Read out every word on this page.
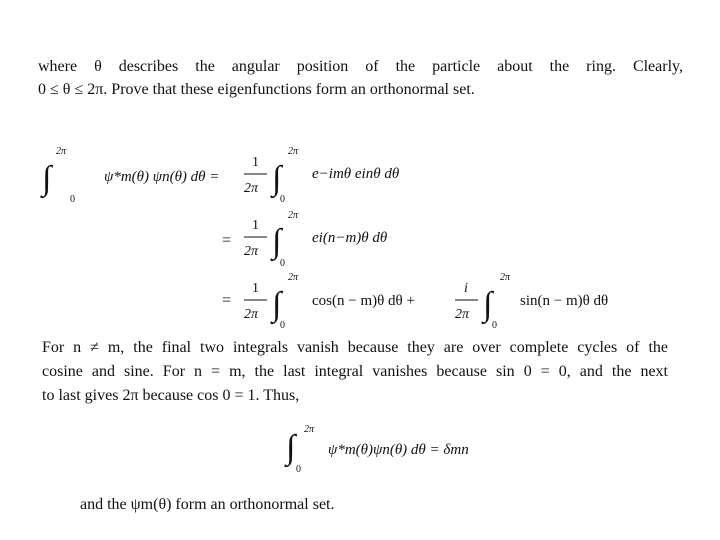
where θ describes the angular position of the particle about the ring. Clearly,
0 ≤ θ ≤ 2π. Prove that these eigenfunctions form an orthonormal set.
∫
2π
0
ψ*m(θ) ψn(θ) dθ =
1
2π ∫
2π
0
e−imθ einθ dθ
=
1
2π ∫
2π
0
ei(n−m)θ dθ
=
1
2π ∫
2π
0
cos(n − m)θ dθ +
i
2π ∫
2π
0
sin(n − m)θ dθ
∫ 2π
0
ψ*m(θ)ψn(θ) dθ = δmn
For n ≠ m, the final two integrals vanish because they are over complete cycles of the
cosine and sine. For n = m, the last integral vanishes because sin 0 = 0, and the next
to last gives 2π because cos 0 = 1. Thus,
and the ψm(θ) form an orthonormal set.
